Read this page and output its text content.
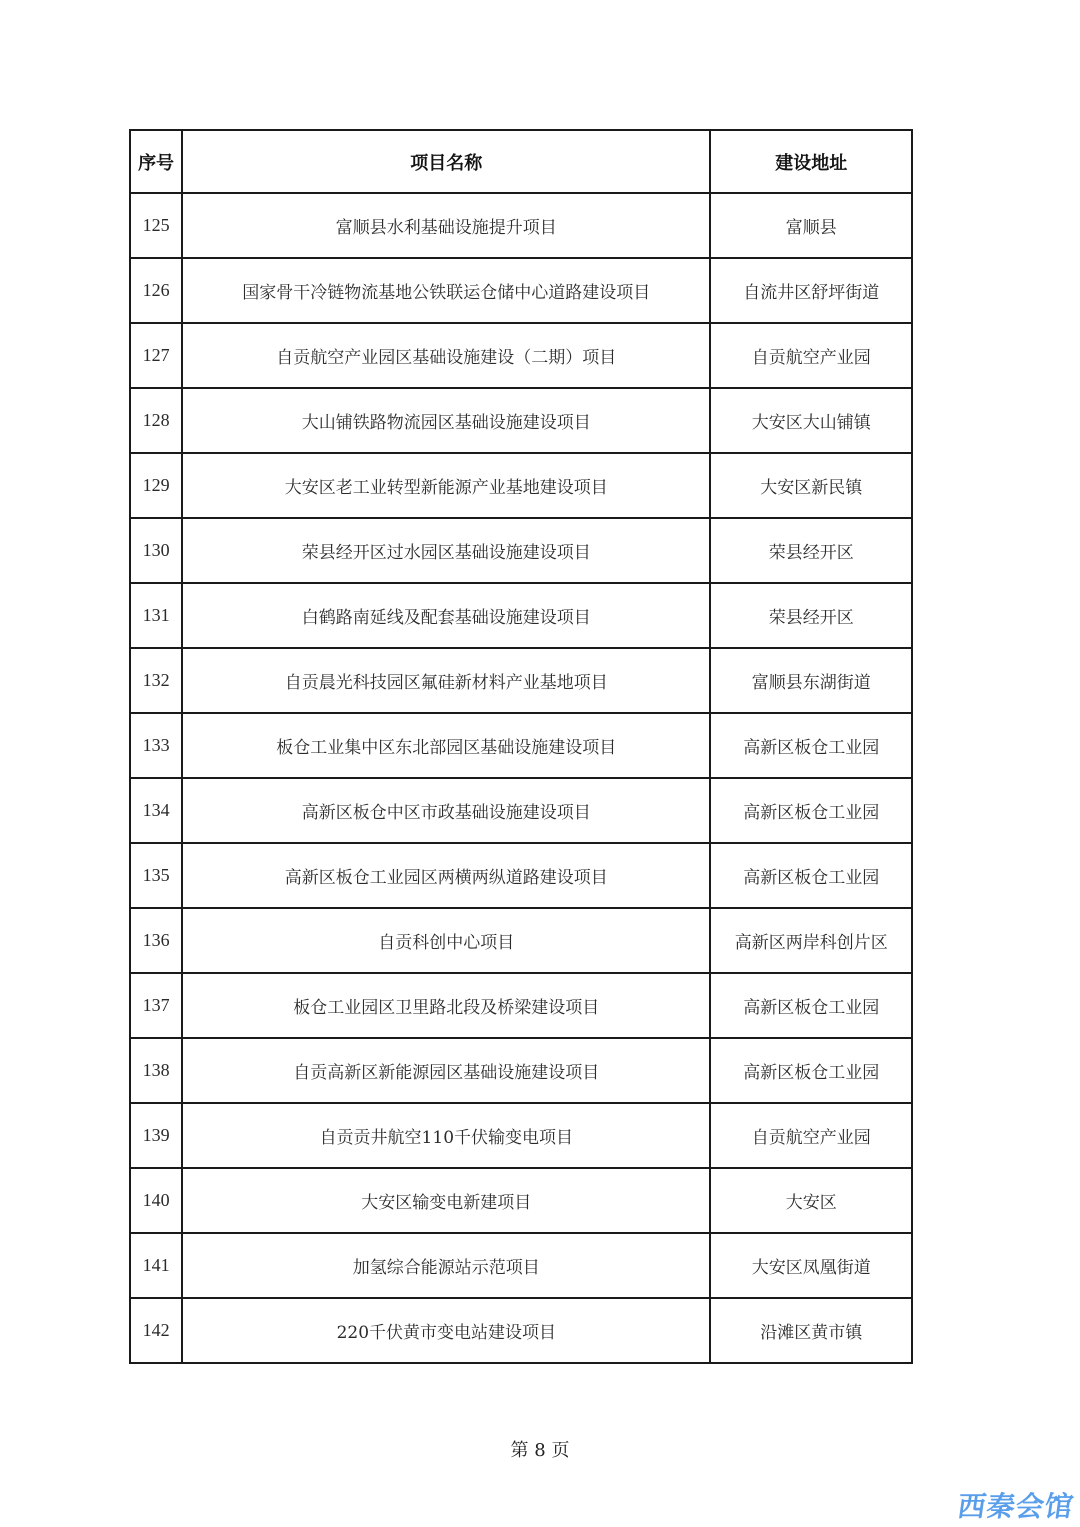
序号	项目名称	建设地址
125	富顺县水利基础设施提升项目	富顺县
126	国家骨干冷链物流基地公铁联运仓储中心道路建设项目	自流井区舒坪街道
127	自贡航空产业园区基础设施建设（二期）项目	自贡航空产业园
128	大山铺铁路物流园区基础设施建设项目	大安区大山铺镇
129	大安区老工业转型新能源产业基地建设项目	大安区新民镇
130	荣县经开区过水园区基础设施建设项目	荣县经开区
131	白鹤路南延线及配套基础设施建设项目	荣县经开区
132	自贡晨光科技园区氟硅新材料产业基地项目	富顺县东湖街道
133	板仓工业集中区东北部园区基础设施建设项目	高新区板仓工业园
134	高新区板仓中区市政基础设施建设项目	高新区板仓工业园
135	高新区板仓工业园区两横两纵道路建设项目	高新区板仓工业园
136	自贡科创中心项目	高新区两岸科创片区
137	板仓工业园区卫里路北段及桥梁建设项目	高新区板仓工业园
138	自贡高新区新能源园区基础设施建设项目	高新区板仓工业园
139	自贡贡井航空110千伏输变电项目	自贡航空产业园
140	大安区输变电新建项目	大安区
141	加氢综合能源站示范项目	大安区凤凰街道
142	220千伏黄市变电站建设项目	沿滩区黄市镇
第 8 页
西秦会馆
